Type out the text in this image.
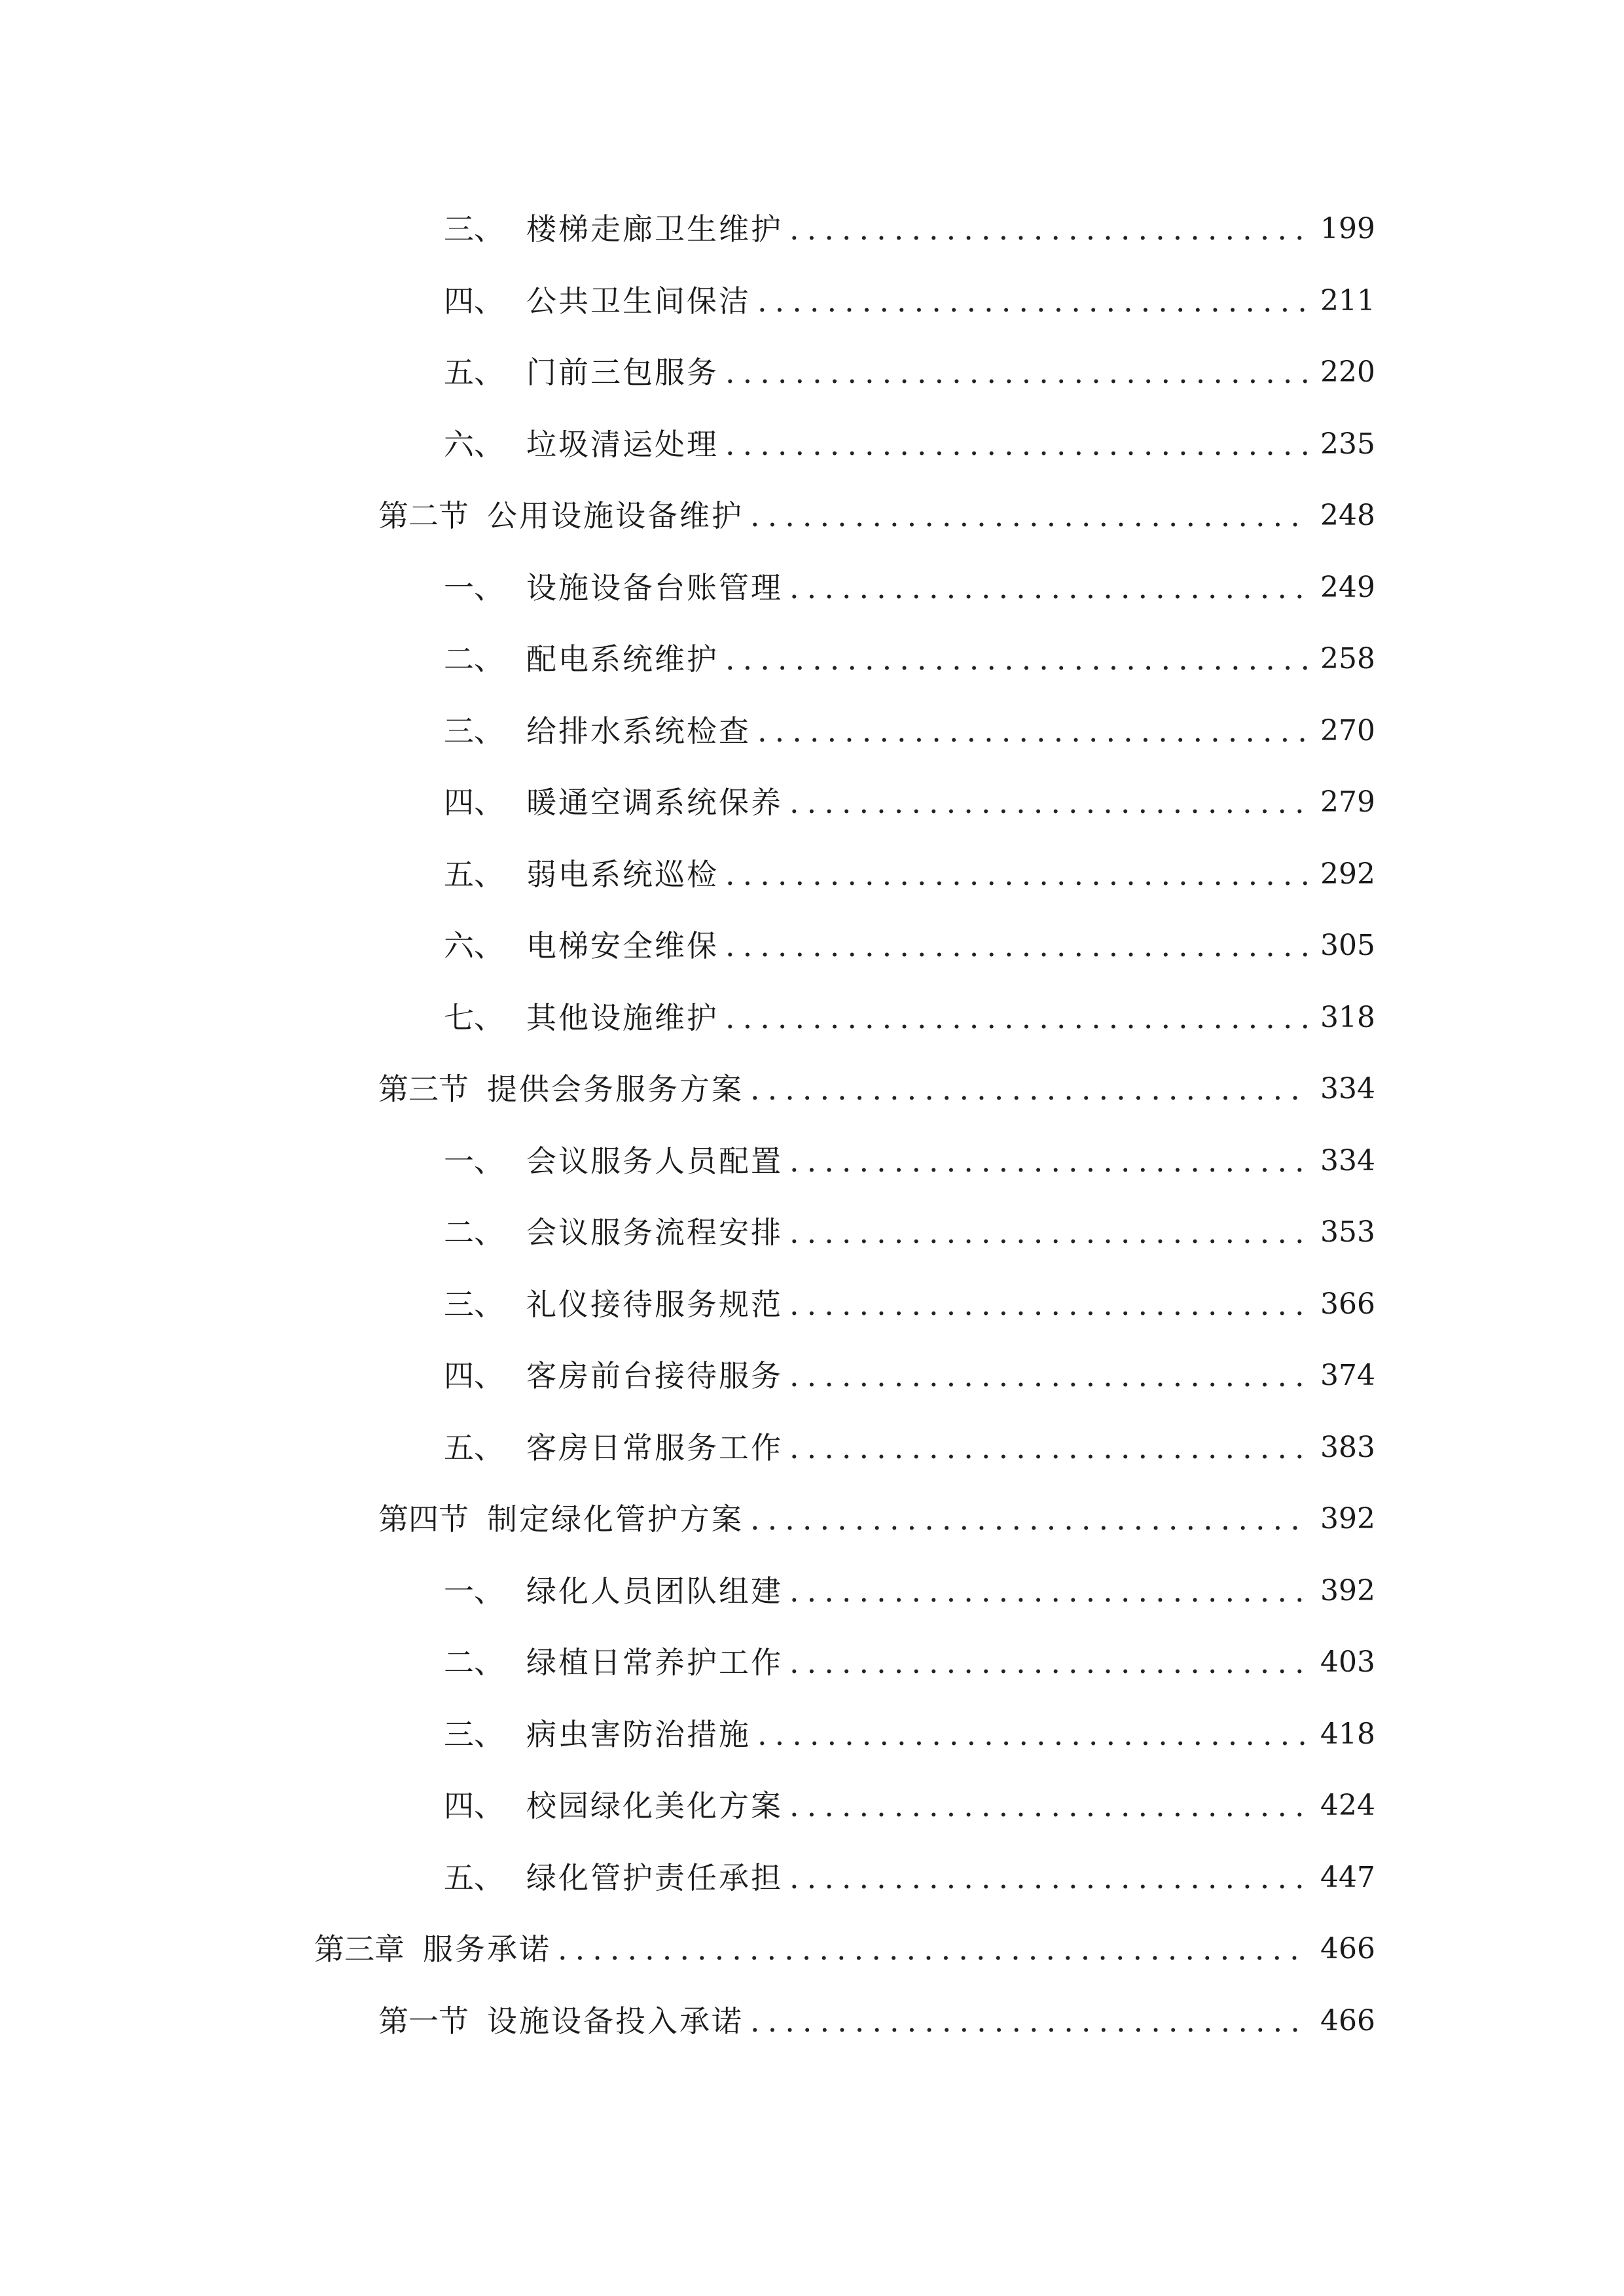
三、 楼梯走廊卫生维护 .....	199
四、 公共卫生间保洁 .....	211
五、 门前三包服务 .....	220
六、 垃圾清运处理 .....	235
第二节 公用设施设备维护 .....	248
一、 设施设备台账管理 .....	249
二、 配电系统维护 .....	258
三、 给排水系统检查 .....	270
四、 暖通空调系统保养 .....	279
五、 弱电系统巡检 .....	292
六、 电梯安全维保 .....	305
七、 其他设施维护 .....	318
第三节 提供会务服务方案 .....	334
一、 会议服务人员配置 .....	334
二、 会议服务流程安排 .....	353
三、 礼仪接待服务规范 .....	366
四、 客房前台接待服务 .....	374
五、 客房日常服务工作 .....	383
第四节 制定绿化管护方案 .....	392
一、 绿化人员团队组建 .....	392
二、 绿植日常养护工作 .....	403
三、 病虫害防治措施 .....	418
四、 校园绿化美化方案 .....	424
五、 绿化管护责任承担 .....	447
第三章 服务承诺 .....	466
第一节 设施设备投入承诺 .....	466
